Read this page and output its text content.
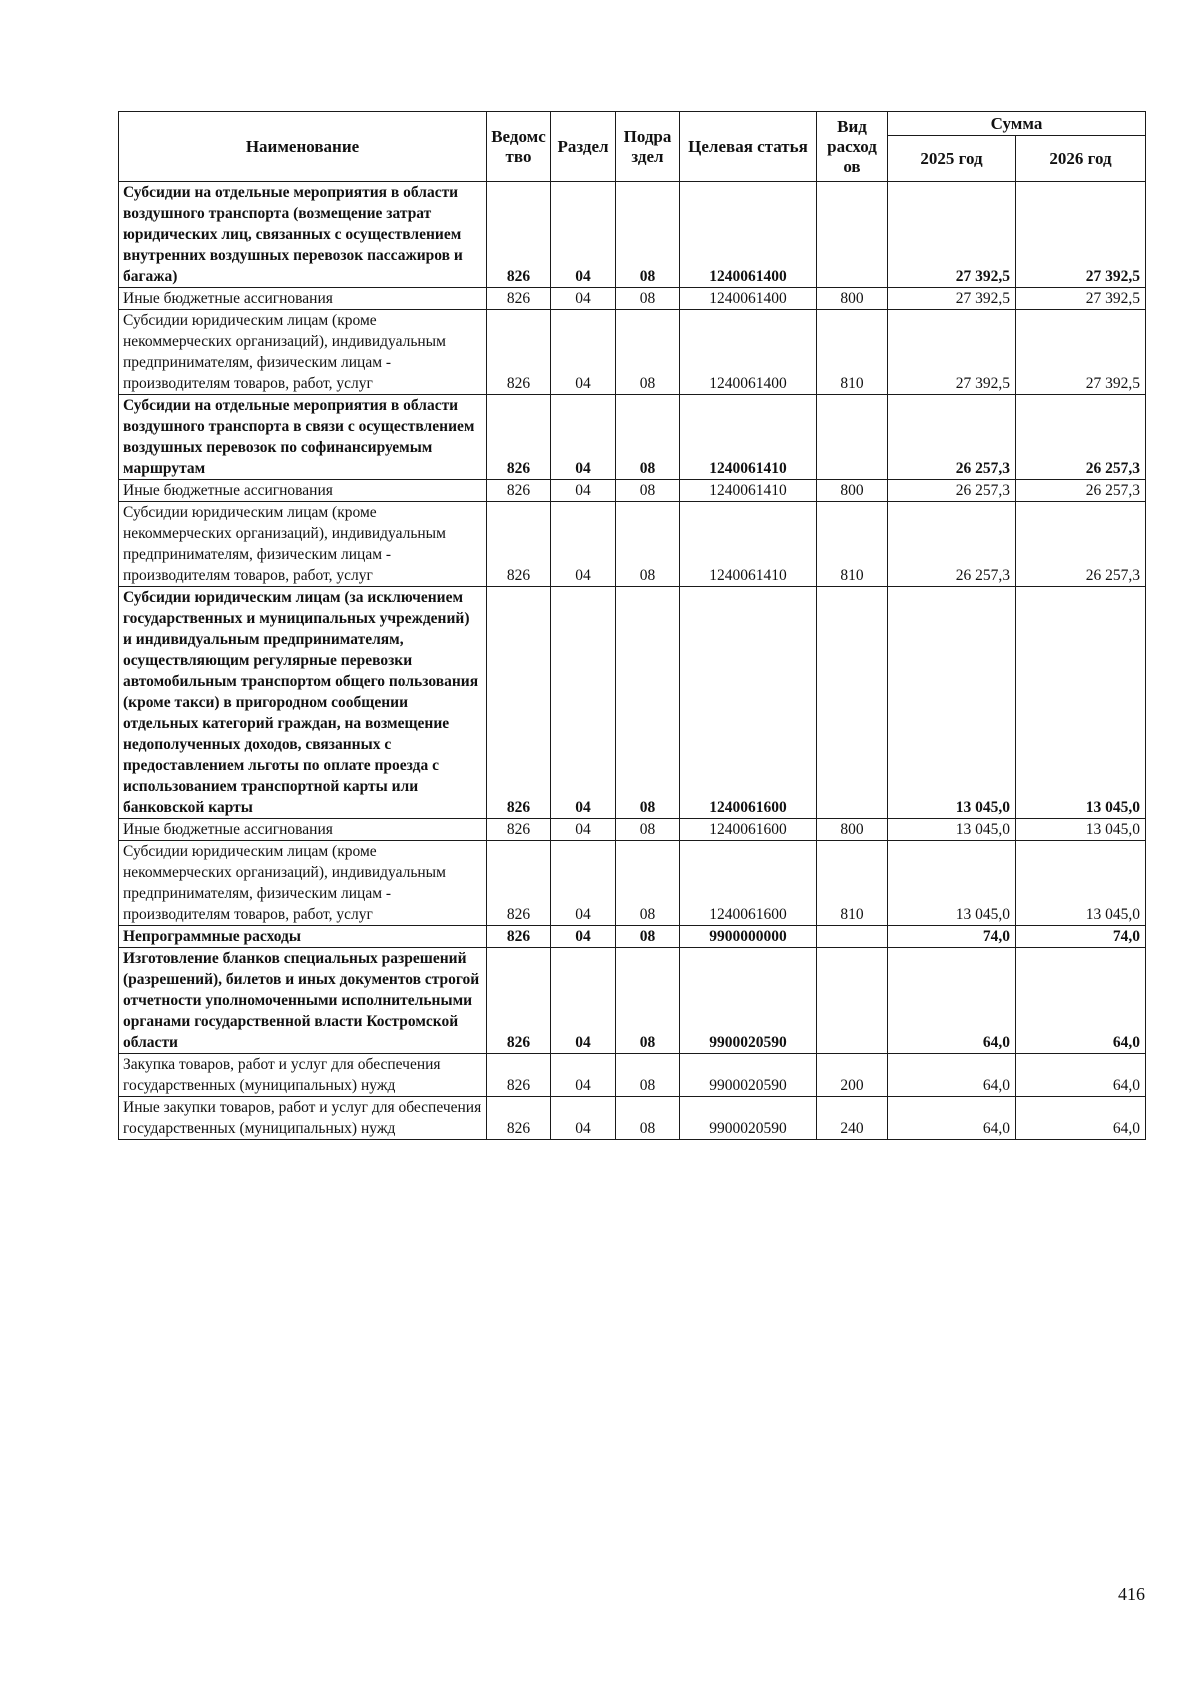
Наименование	Ведомс тво	Раздел	Подра здел	Целевая статья	Вид расход ов	Сумма	
						2025 год	2026 год
Субсидии на отдельные мероприятия в области воздушного транспорта (возмещение затрат юридических лиц, связанных с осуществлением внутренних воздушных перевозок пассажиров и багажа)	826	04	08	1240061400		27 392,5	27 392,5
Иные бюджетные ассигнования	826	04	08	1240061400	800	27 392,5	27 392,5
Субсидии юридическим лицам (кроме некоммерческих организаций), индивидуальным предпринимателям, физическим лицам - производителям товаров, работ, услуг	826	04	08	1240061400	810	27 392,5	27 392,5
Субсидии на отдельные мероприятия в области воздушного транспорта в связи с осуществлением воздушных перевозок по софинансируемым маршрутам	826	04	08	1240061410		26 257,3	26 257,3
Иные бюджетные ассигнования	826	04	08	1240061410	800	26 257,3	26 257,3
Субсидии юридическим лицам (кроме некоммерческих организаций), индивидуальным предпринимателям, физическим лицам - производителям товаров, работ, услуг	826	04	08	1240061410	810	26 257,3	26 257,3
Субсидии юридическим лицам (за исключением государственных и муниципальных учреждений) и индивидуальным предпринимателям, осуществляющим регулярные перевозки автомобильным транспортом общего пользования (кроме такси) в пригородном сообщении отдельных категорий граждан, на возмещение недополученных доходов, связанных с предоставлением льготы по оплате проезда с использованием транспортной карты или банковской карты	826	04	08	1240061600		13 045,0	13 045,0
Иные бюджетные ассигнования	826	04	08	1240061600	800	13 045,0	13 045,0
Субсидии юридическим лицам (кроме некоммерческих организаций), индивидуальным предпринимателям, физическим лицам - производителям товаров, работ, услуг	826	04	08	1240061600	810	13 045,0	13 045,0
Непрограммные расходы	826	04	08	9900000000		74,0	74,0
Изготовление бланков специальных разрешений (разрешений), билетов и иных документов строгой отчетности уполномоченными исполнительными органами государственной власти Костромской области	826	04	08	9900020590		64,0	64,0
Закупка товаров, работ и услуг для обеспечения государственных (муниципальных) нужд	826	04	08	9900020590	200	64,0	64,0
Иные закупки товаров, работ и услуг для обеспечения государственных (муниципальных) нужд	826	04	08	9900020590	240	64,0	64,0
416
